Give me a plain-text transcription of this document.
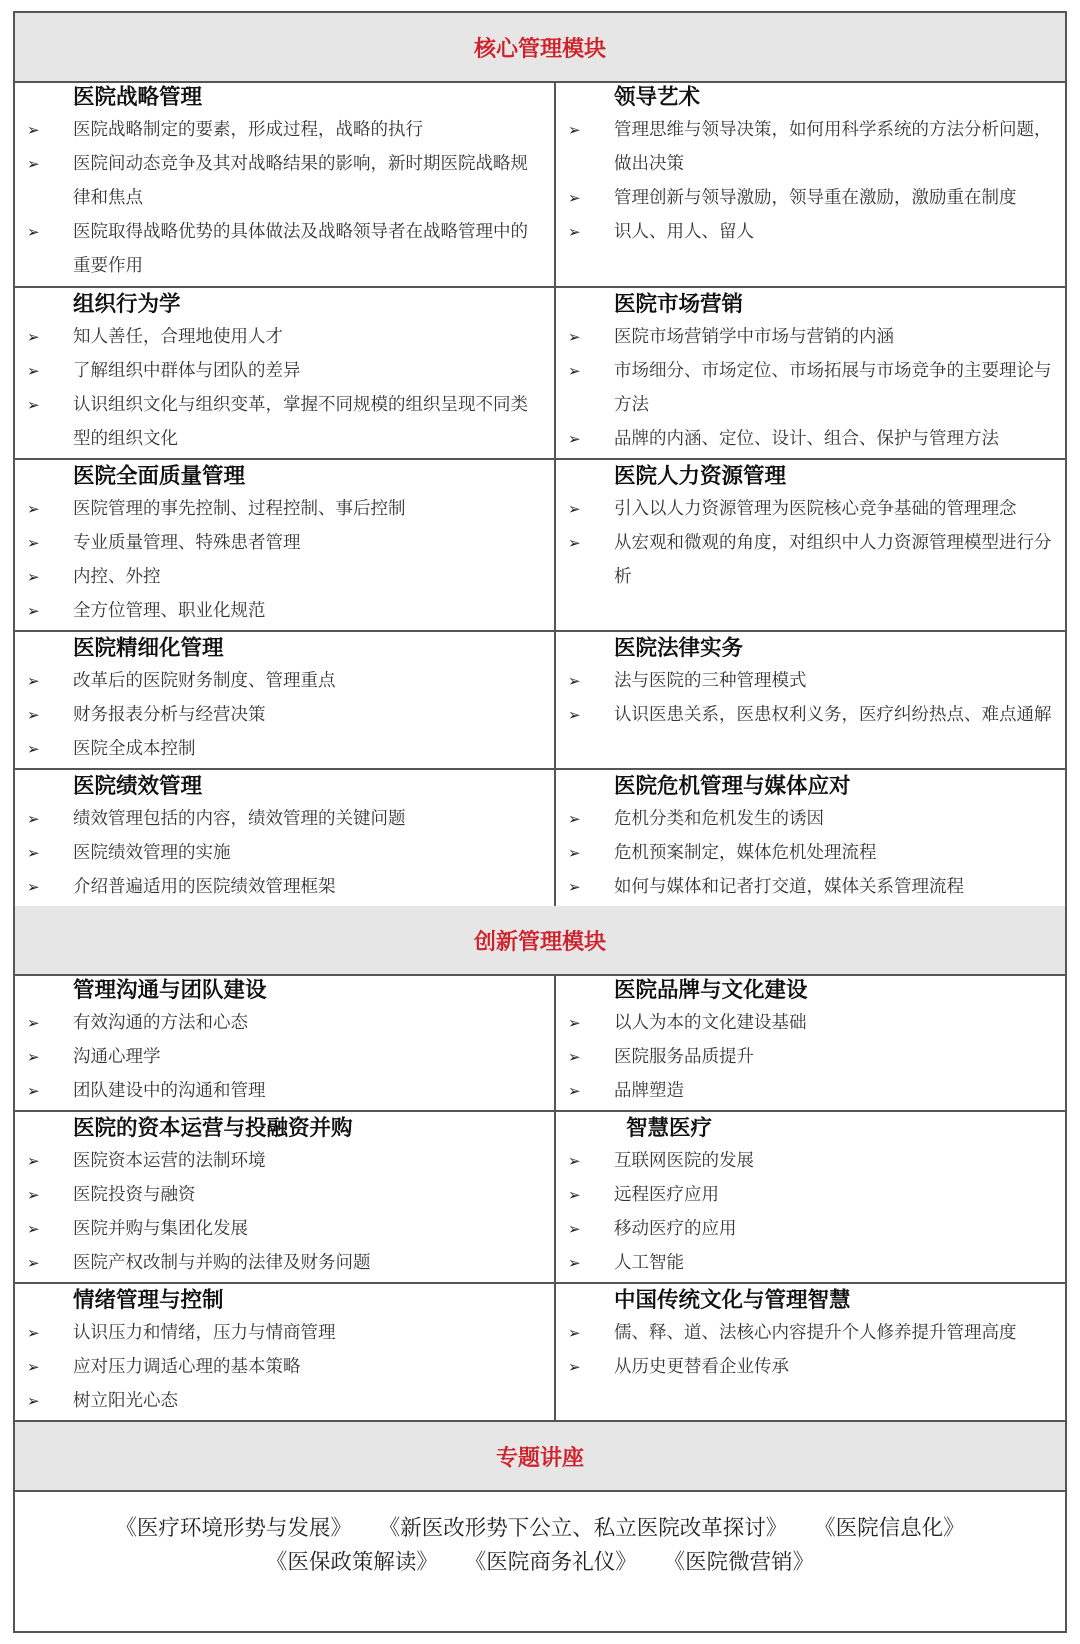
核心管理模块
医院战略管理
➢ 医院战略制定的要素，形成过程，战略的执行
➢ 医院间动态竞争及其对战略结果的影响，新时期医院战略规律和焦点
➢ 医院取得战略优势的具体做法及战略领导者在战略管理中的重要作用
领导艺术
➢ 管理思维与领导决策，如何用科学系统的方法分析问题，做出决策
➢ 管理创新与领导激励，领导重在激励，激励重在制度
➢ 识人、用人、留人
组织行为学
➢ 知人善任，合理地使用人才
➢ 了解组织中群体与团队的差异
➢ 认识组织文化与组织变革，掌握不同规模的组织呈现不同类型的组织文化
医院市场营销
➢ 医院市场营销学中市场与营销的内涵
➢ 市场细分、市场定位、市场拓展与市场竞争的主要理论与方法
➢ 品牌的内涵、定位、设计、组合、保护与管理方法
医院全面质量管理
➢ 医院管理的事先控制、过程控制、事后控制
➢ 专业质量管理、特殊患者管理
➢ 内控、外控
➢ 全方位管理、职业化规范
医院人力资源管理
➢ 引入以人力资源管理为医院核心竞争基础的管理理念
➢ 从宏观和微观的角度，对组织中人力资源管理模型进行分析
医院精细化管理
➢ 改革后的医院财务制度、管理重点
➢ 财务报表分析与经营决策
➢ 医院全成本控制
医院法律实务
➢ 法与医院的三种管理模式
➢ 认识医患关系，医患权利义务，医疗纠纷热点、难点通解
医院绩效管理
➢ 绩效管理包括的内容，绩效管理的关键问题
➢ 医院绩效管理的实施
➢ 介绍普遍适用的医院绩效管理框架
医院危机管理与媒体应对
➢ 危机分类和危机发生的诱因
➢ 危机预案制定，媒体危机处理流程
➢ 如何与媒体和记者打交道，媒体关系管理流程
创新管理模块
管理沟通与团队建设
➢ 有效沟通的方法和心态
➢ 沟通心理学
➢ 团队建设中的沟通和管理
医院品牌与文化建设
➢ 以人为本的文化建设基础
➢ 医院服务品质提升
➢ 品牌塑造
医院的资本运营与投融资并购
➢ 医院资本运营的法制环境
➢ 医院投资与融资
➢ 医院并购与集团化发展
➢ 医院产权改制与并购的法律及财务问题
智慧医疗
➢ 互联网医院的发展
➢ 远程医疗应用
➢ 移动医疗的应用
➢ 人工智能
情绪管理与控制
➢ 认识压力和情绪，压力与情商管理
➢ 应对压力调适心理的基本策略
➢ 树立阳光心态
中国传统文化与管理智慧
➢ 儒、释、道、法核心内容提升个人修养提升管理高度
➢ 从历史更替看企业传承
专题讲座
《医疗环境形势与发展》 《新医改形势下公立、私立医院改革探讨》 《医院信息化》
《医保政策解读》 《医院商务礼仪》 《医院微营销》
